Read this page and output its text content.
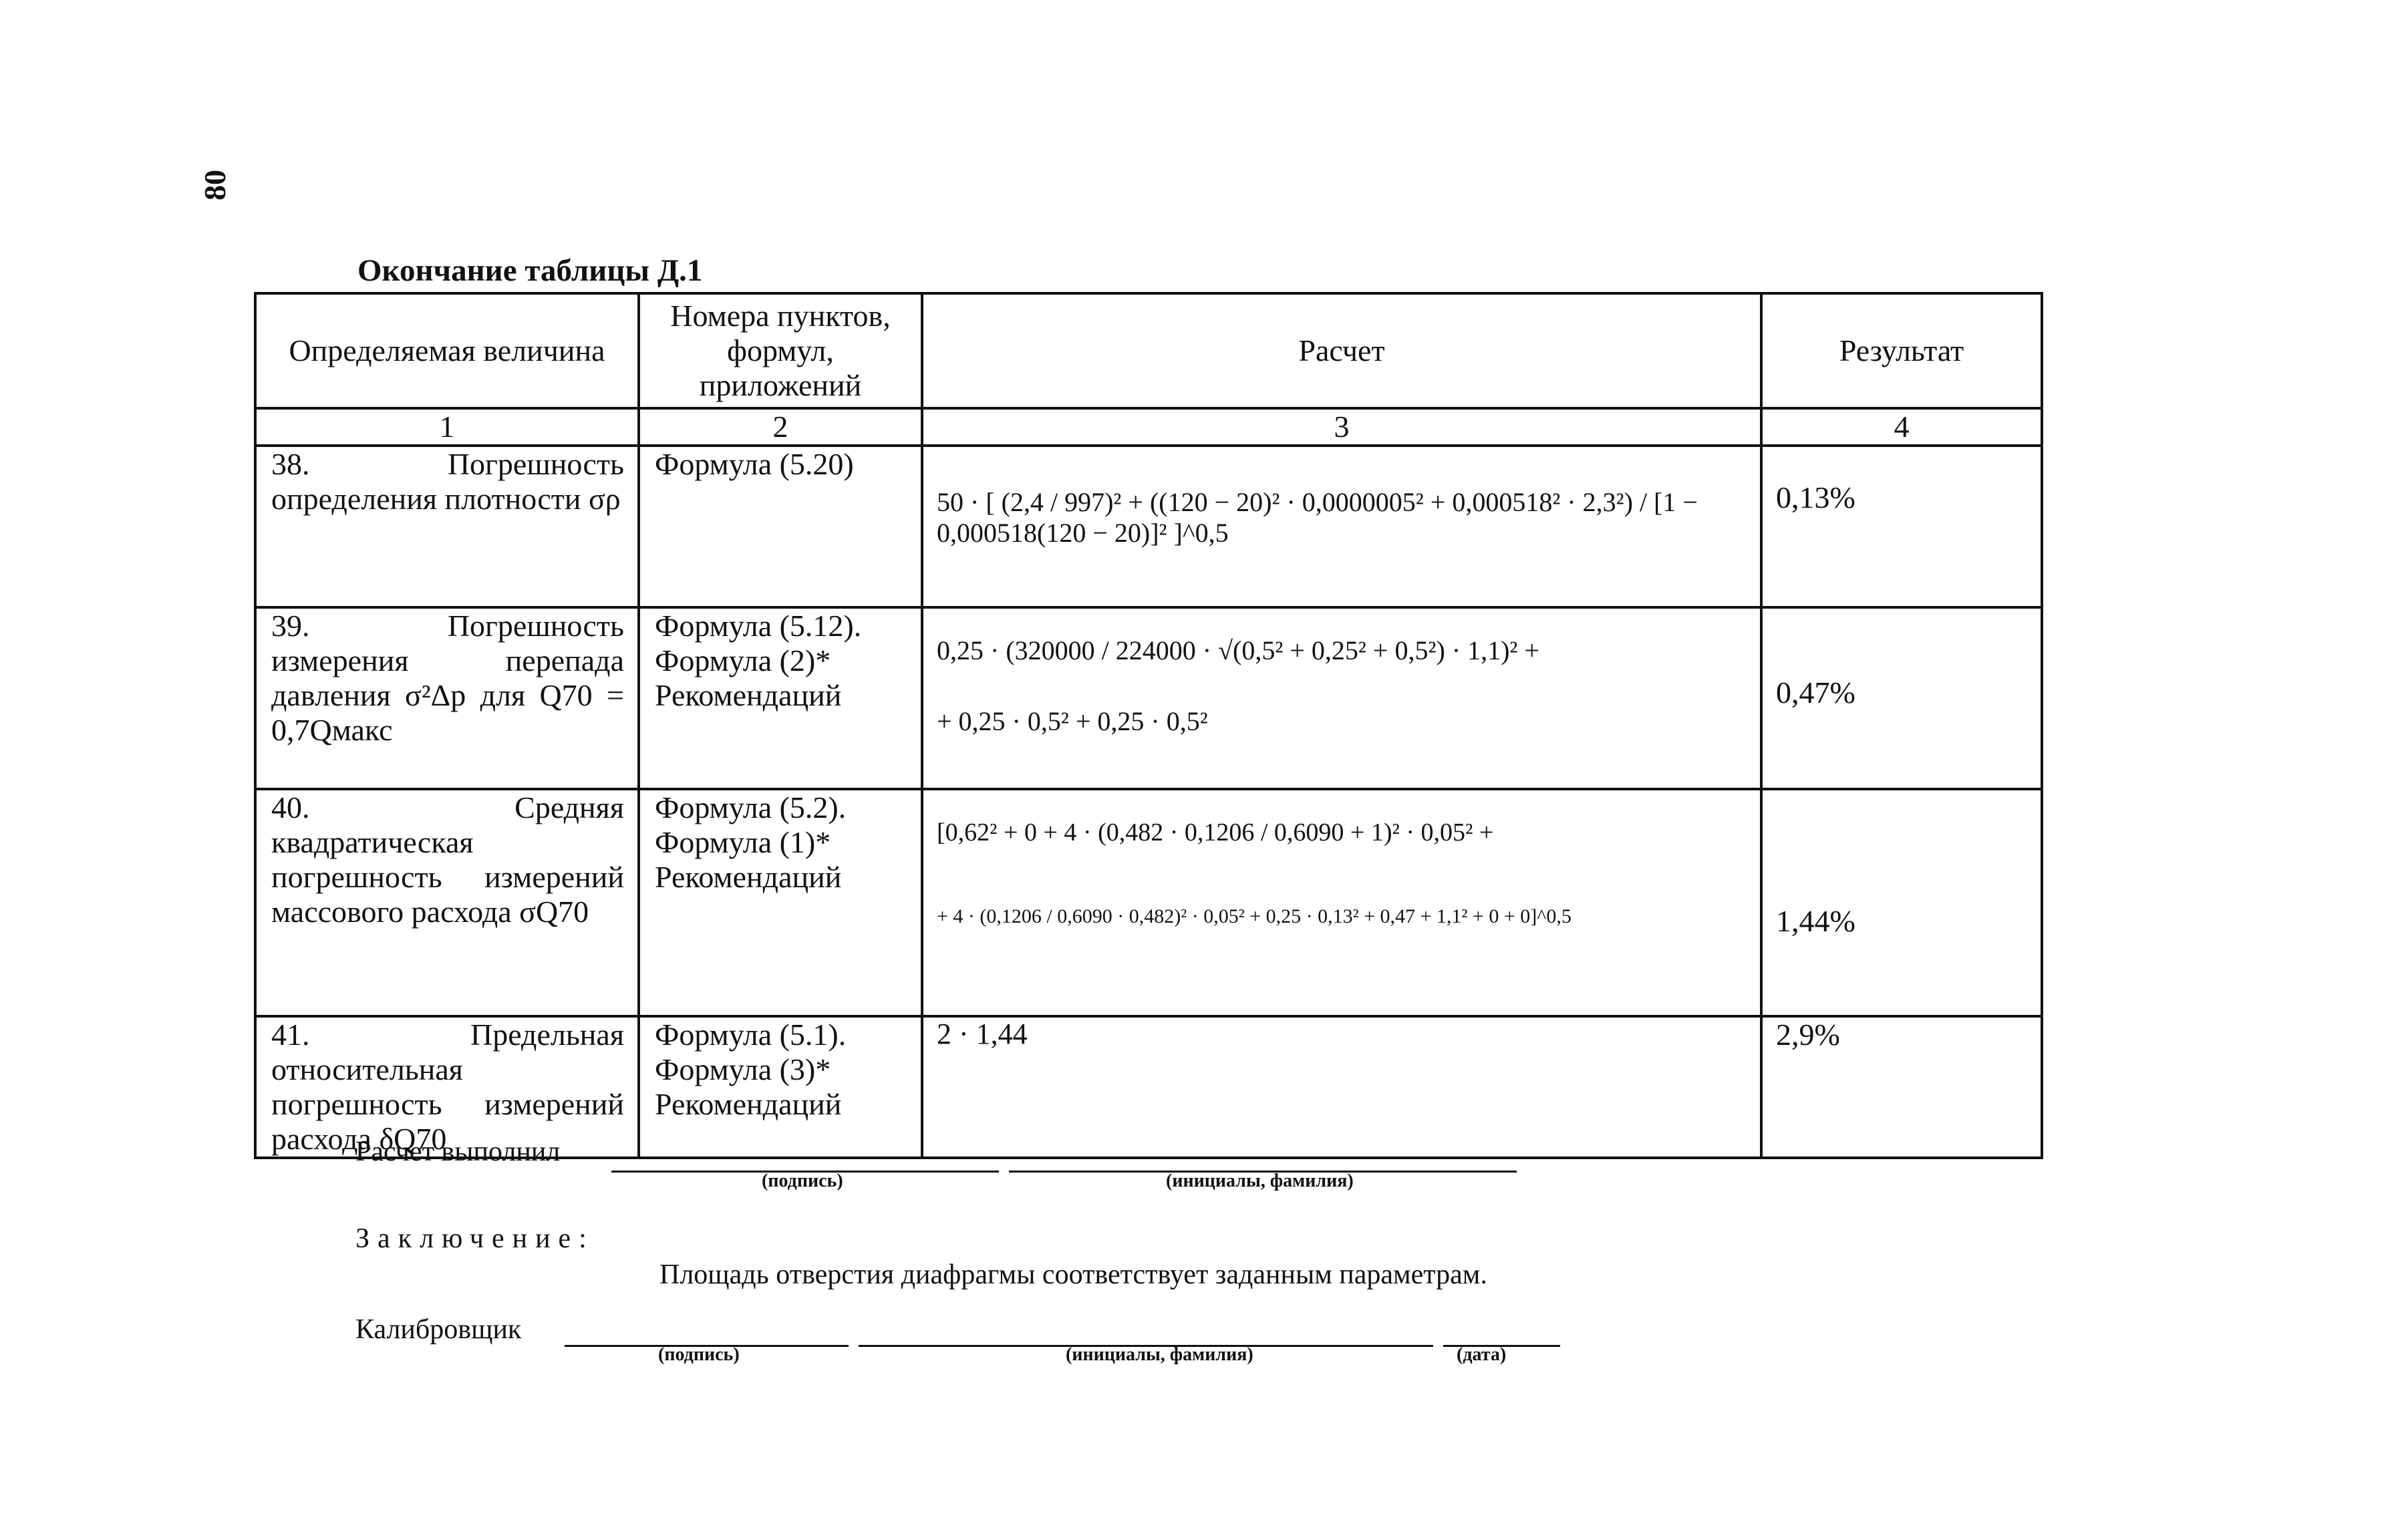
80
Окончание таблицы Д.1
Определяемая величина	Номера пунктов, формул, приложений	Расчет	Результат
1	2	3	4
38. Погрешность определения плотности σρ	Формула (5.20)	50 · [ (2,4 / 997)² + ((120 − 20)² · 0,0000005² + 0,000518² · 2,3²) / [1 − 0,000518(120 − 20)]² ]^0,5	0,13%

39. Погрешность измерения перепада давления σ²Δp для Q70 = 0,7Qмакс	Формула (5.12). Формула (2)* Рекомендаций	0,25 · (320000 / 224000 · √(0,5² + 0,25² + 0,5²) · 1,1)² +
+ 0,25 · 0,5² + 0,25 · 0,5²	0,47%

40. Средняя квадратическая погрешность измерений массового расхода σQ70	Формула (5.2). Формула (1)* Рекомендаций	[0,62² + 0 + 4 · (0,482 · 0,1206 / 0,6090 + 1)² · 0,05² +
+ 4 · (0,1206 / 0,6090 · 0,482)² · 0,05² + 0,25 · 0,13² + 0,47 + 1,1² + 0 + 0]^0,5	1,44%

41. Предельная относительная погрешность измерений расхода δQ70	Формула (5.1). Формула (3)* Рекомендаций	2 · 1,44	2,9%
Расчет выполнил
(подпись)	(инициалы, фамилия)
Заключение:
Площадь отверстия диафрагмы соответствует заданным параметрам.
Калибровщик
(подпись)	(инициалы, фамилия)	(дата)
